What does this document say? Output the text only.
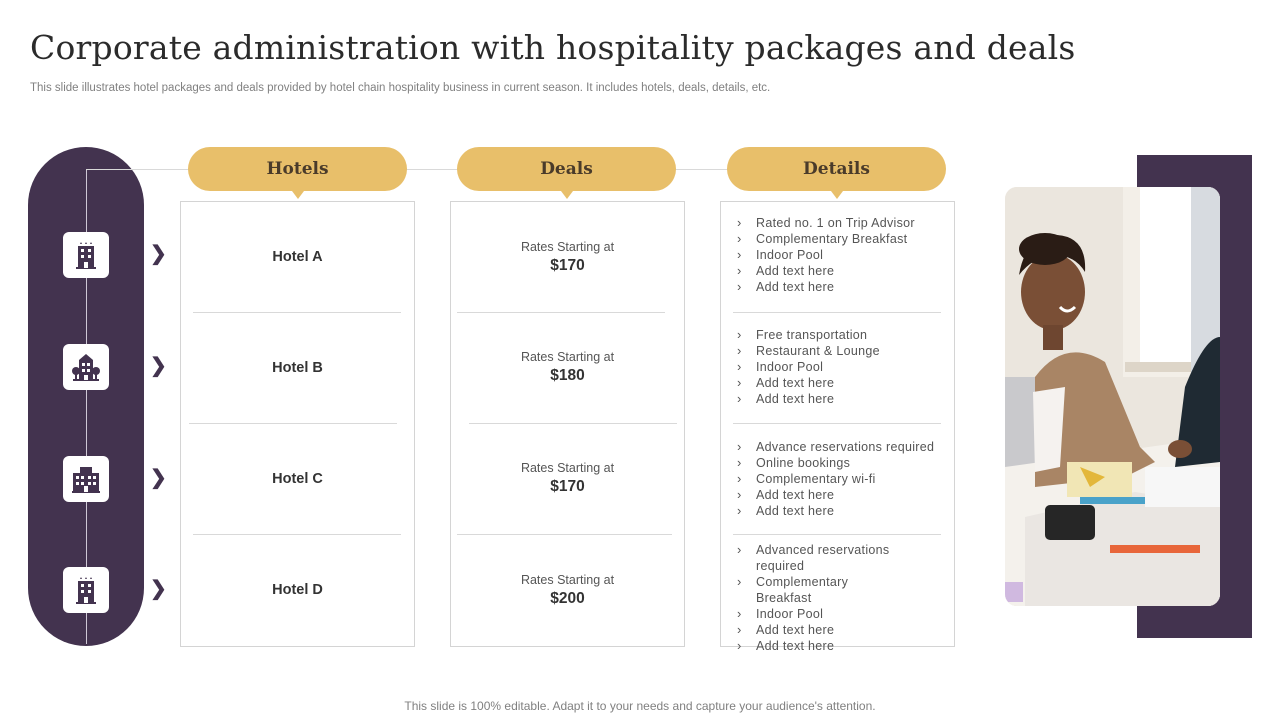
Corporate administration with hospitality packages and deals
This slide illustrates hotel packages and deals provided by hotel chain hospitality business in current season. It includes hotels, deals, details, etc.
❯
❯
❯
❯
Hotels	Deals	Details
Hotel A
Hotel B
Hotel C
Hotel D
Rates Starting at
$170
Rates Starting at
$180
Rates Starting at
$170
Rates Starting at
$200
› Rated no. 1 on Trip Advisor
› Complementary Breakfast
› Indoor Pool
› Add text here
› Add text here
› Free transportation
› Restaurant & Lounge
› Indoor Pool
› Add text here
› Add text here
› Advance reservations required
› Online bookings
› Complementary wi-fi
› Add text here
› Add text here
› Advanced reservations required
› Complementary Breakfast
› Indoor Pool
› Add text here
› Add text here
This slide is 100% editable. Adapt it to your needs and capture your audience's attention.
